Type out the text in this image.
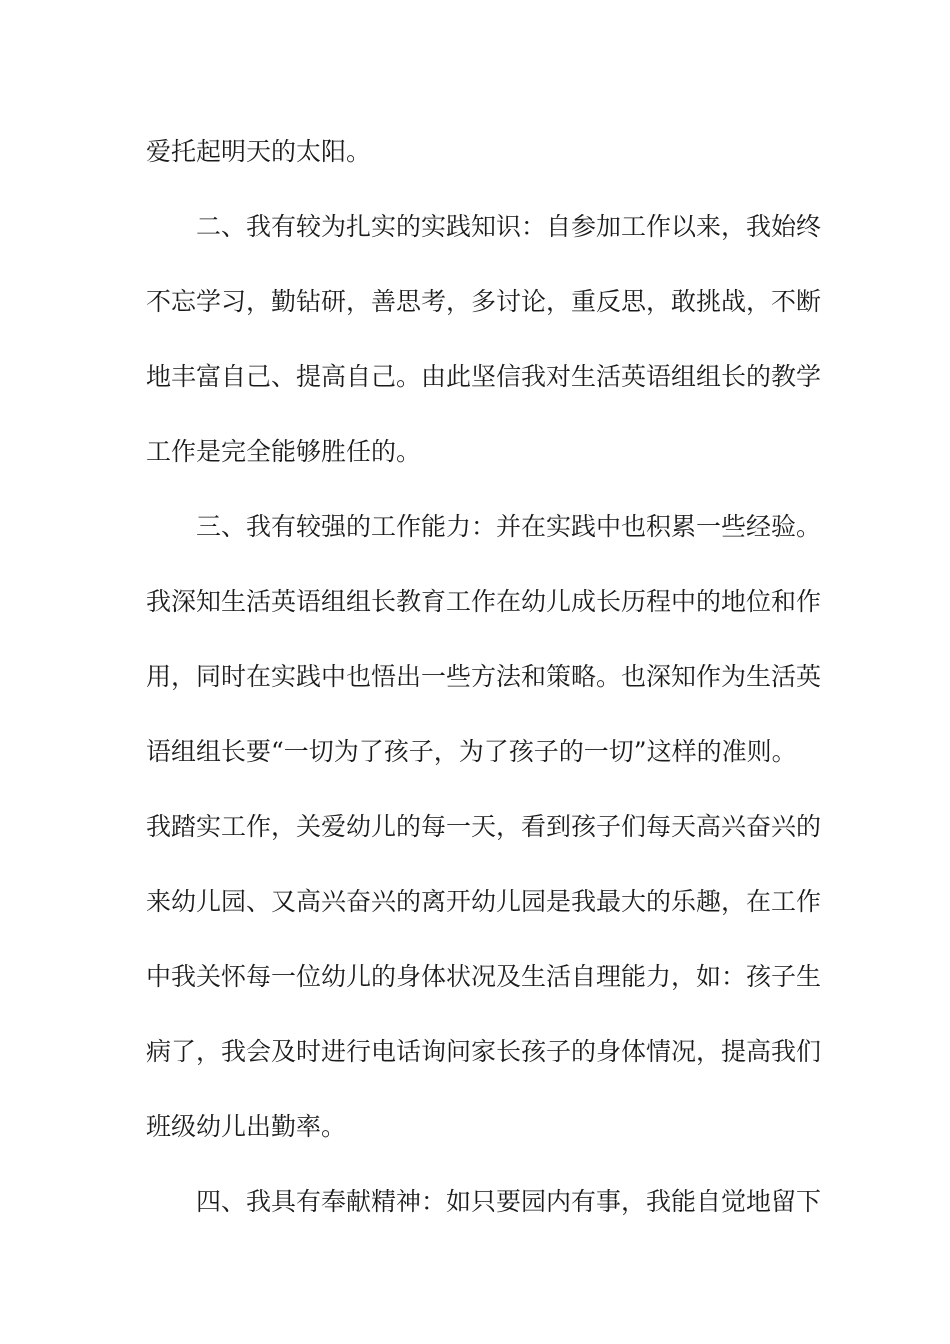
爱托起明天的太阳。
二、我有较为扎实的实践知识：自参加工作以来，我始终
不忘学习，勤钻研，善思考，多讨论，重反思，敢挑战，不断
地丰富自己、提高自己。由此坚信我对生活英语组组长的教学
工作是完全能够胜任的。
三、我有较强的工作能力：并在实践中也积累一些经验。
我深知生活英语组组长教育工作在幼儿成长历程中的地位和作
用，同时在实践中也悟出一些方法和策略。也深知作为生活英
语组组长要“一切为了孩子，为了孩子的一切”这样的准则。
我踏实工作，关爱幼儿的每一天，看到孩子们每天高兴奋兴的
来幼儿园、又高兴奋兴的离开幼儿园是我最大的乐趣，在工作
中我关怀每一位幼儿的身体状况及生活自理能力，如：孩子生
病了，我会及时进行电话询问家长孩子的身体情况，提高我们
班级幼儿出勤率。
四、我具有奉献精神：如只要园内有事，我能自觉地留下
